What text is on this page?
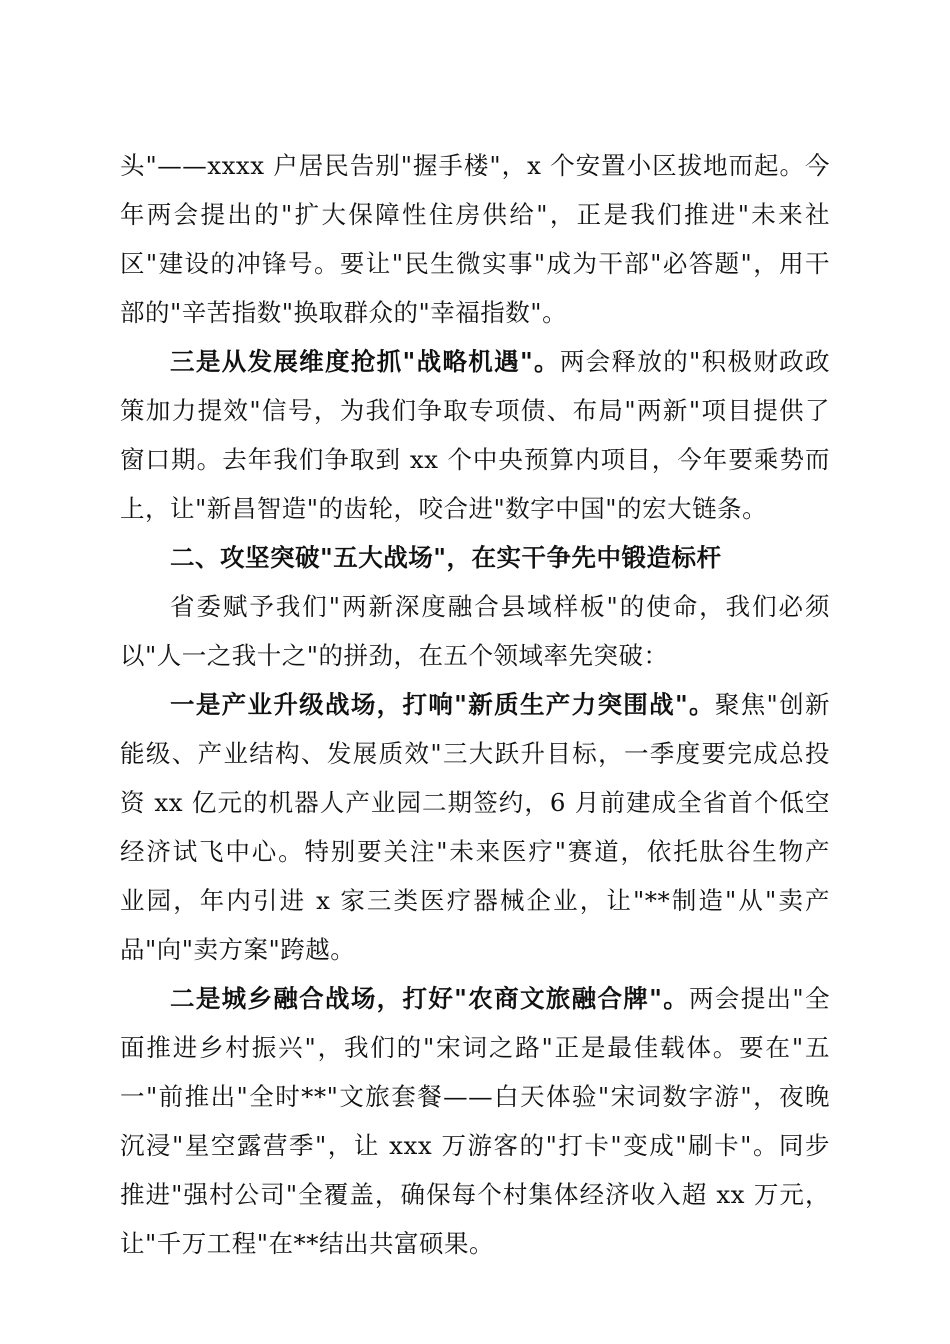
头"——xxxx 户居民告别"握手楼"，x 个安置小区拔地而起。今
年两会提出的"扩大保障性住房供给"，正是我们推进"未来社
区"建设的冲锋号。要让"民生微实事"成为干部"必答题"，用干
部的"辛苦指数"换取群众的"幸福指数"。
三是从发展维度抢抓"战略机遇"。两会释放的"积极财政政
策加力提效"信号，为我们争取专项债、布局"两新"项目提供了
窗口期。去年我们争取到 xx 个中央预算内项目，今年要乘势而
上，让"新昌智造"的齿轮，咬合进"数字中国"的宏大链条。
二、攻坚突破"五大战场"，在实干争先中锻造标杆
省委赋予我们"两新深度融合县域样板"的使命，我们必须
以"人一之我十之"的拼劲，在五个领域率先突破：
一是产业升级战场，打响"新质生产力突围战"。聚焦"创新
能级、产业结构、发展质效"三大跃升目标，一季度要完成总投
资 xx 亿元的机器人产业园二期签约，6 月前建成全省首个低空
经济试飞中心。特别要关注"未来医疗"赛道，依托肽谷生物产
业园，年内引进 x 家三类医疗器械企业，让"**制造"从"卖产
品"向"卖方案"跨越。
二是城乡融合战场，打好"农商文旅融合牌"。两会提出"全
面推进乡村振兴"，我们的"宋词之路"正是最佳载体。要在"五
一"前推出"全时**"文旅套餐——白天体验"宋词数字游"，夜晚
沉浸"星空露营季"，让 xxx 万游客的"打卡"变成"刷卡"。同步
推进"强村公司"全覆盖，确保每个村集体经济收入超 xx 万元，
让"千万工程"在**结出共富硕果。
